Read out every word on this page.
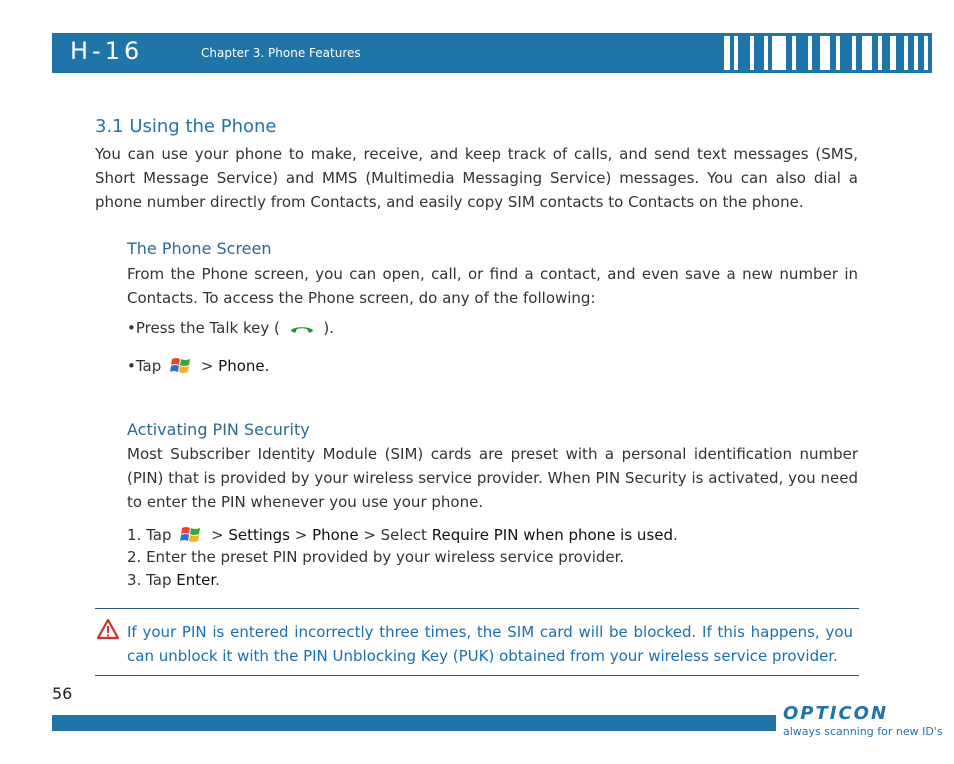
H-16	Chapter 3. Phone Features
3.1 Using the Phone
You can use your phone to make, receive, and keep track of calls, and send text messages (SMS, Short Message Service) and MMS (Multimedia Messaging Service) messages. You can also dial a phone number directly from Contacts, and easily copy SIM contacts to Contacts on the phone.
The Phone Screen
From the Phone screen, you can open, call, or find a contact, and even save a new number in Contacts. To access the Phone screen, do any of the following:
•Press the Talk key (	).
•Tap	> Phone.
Activating PIN Security
Most Subscriber Identity Module (SIM) cards are preset with a personal identification number (PIN) that is provided by your wireless service provider. When PIN Security is activated, you need to enter the PIN whenever you use your phone.
1. Tap	> Settings > Phone > Select Require PIN when phone is used.
2. Enter the preset PIN provided by your wireless service provider.
3. Tap Enter.
If your PIN is entered incorrectly three times, the SIM card will be blocked. If this happens, you can unblock it with the PIN Unblocking Key (PUK) obtained from your wireless service provider.
56
OPTICON
always scanning for new ID's
